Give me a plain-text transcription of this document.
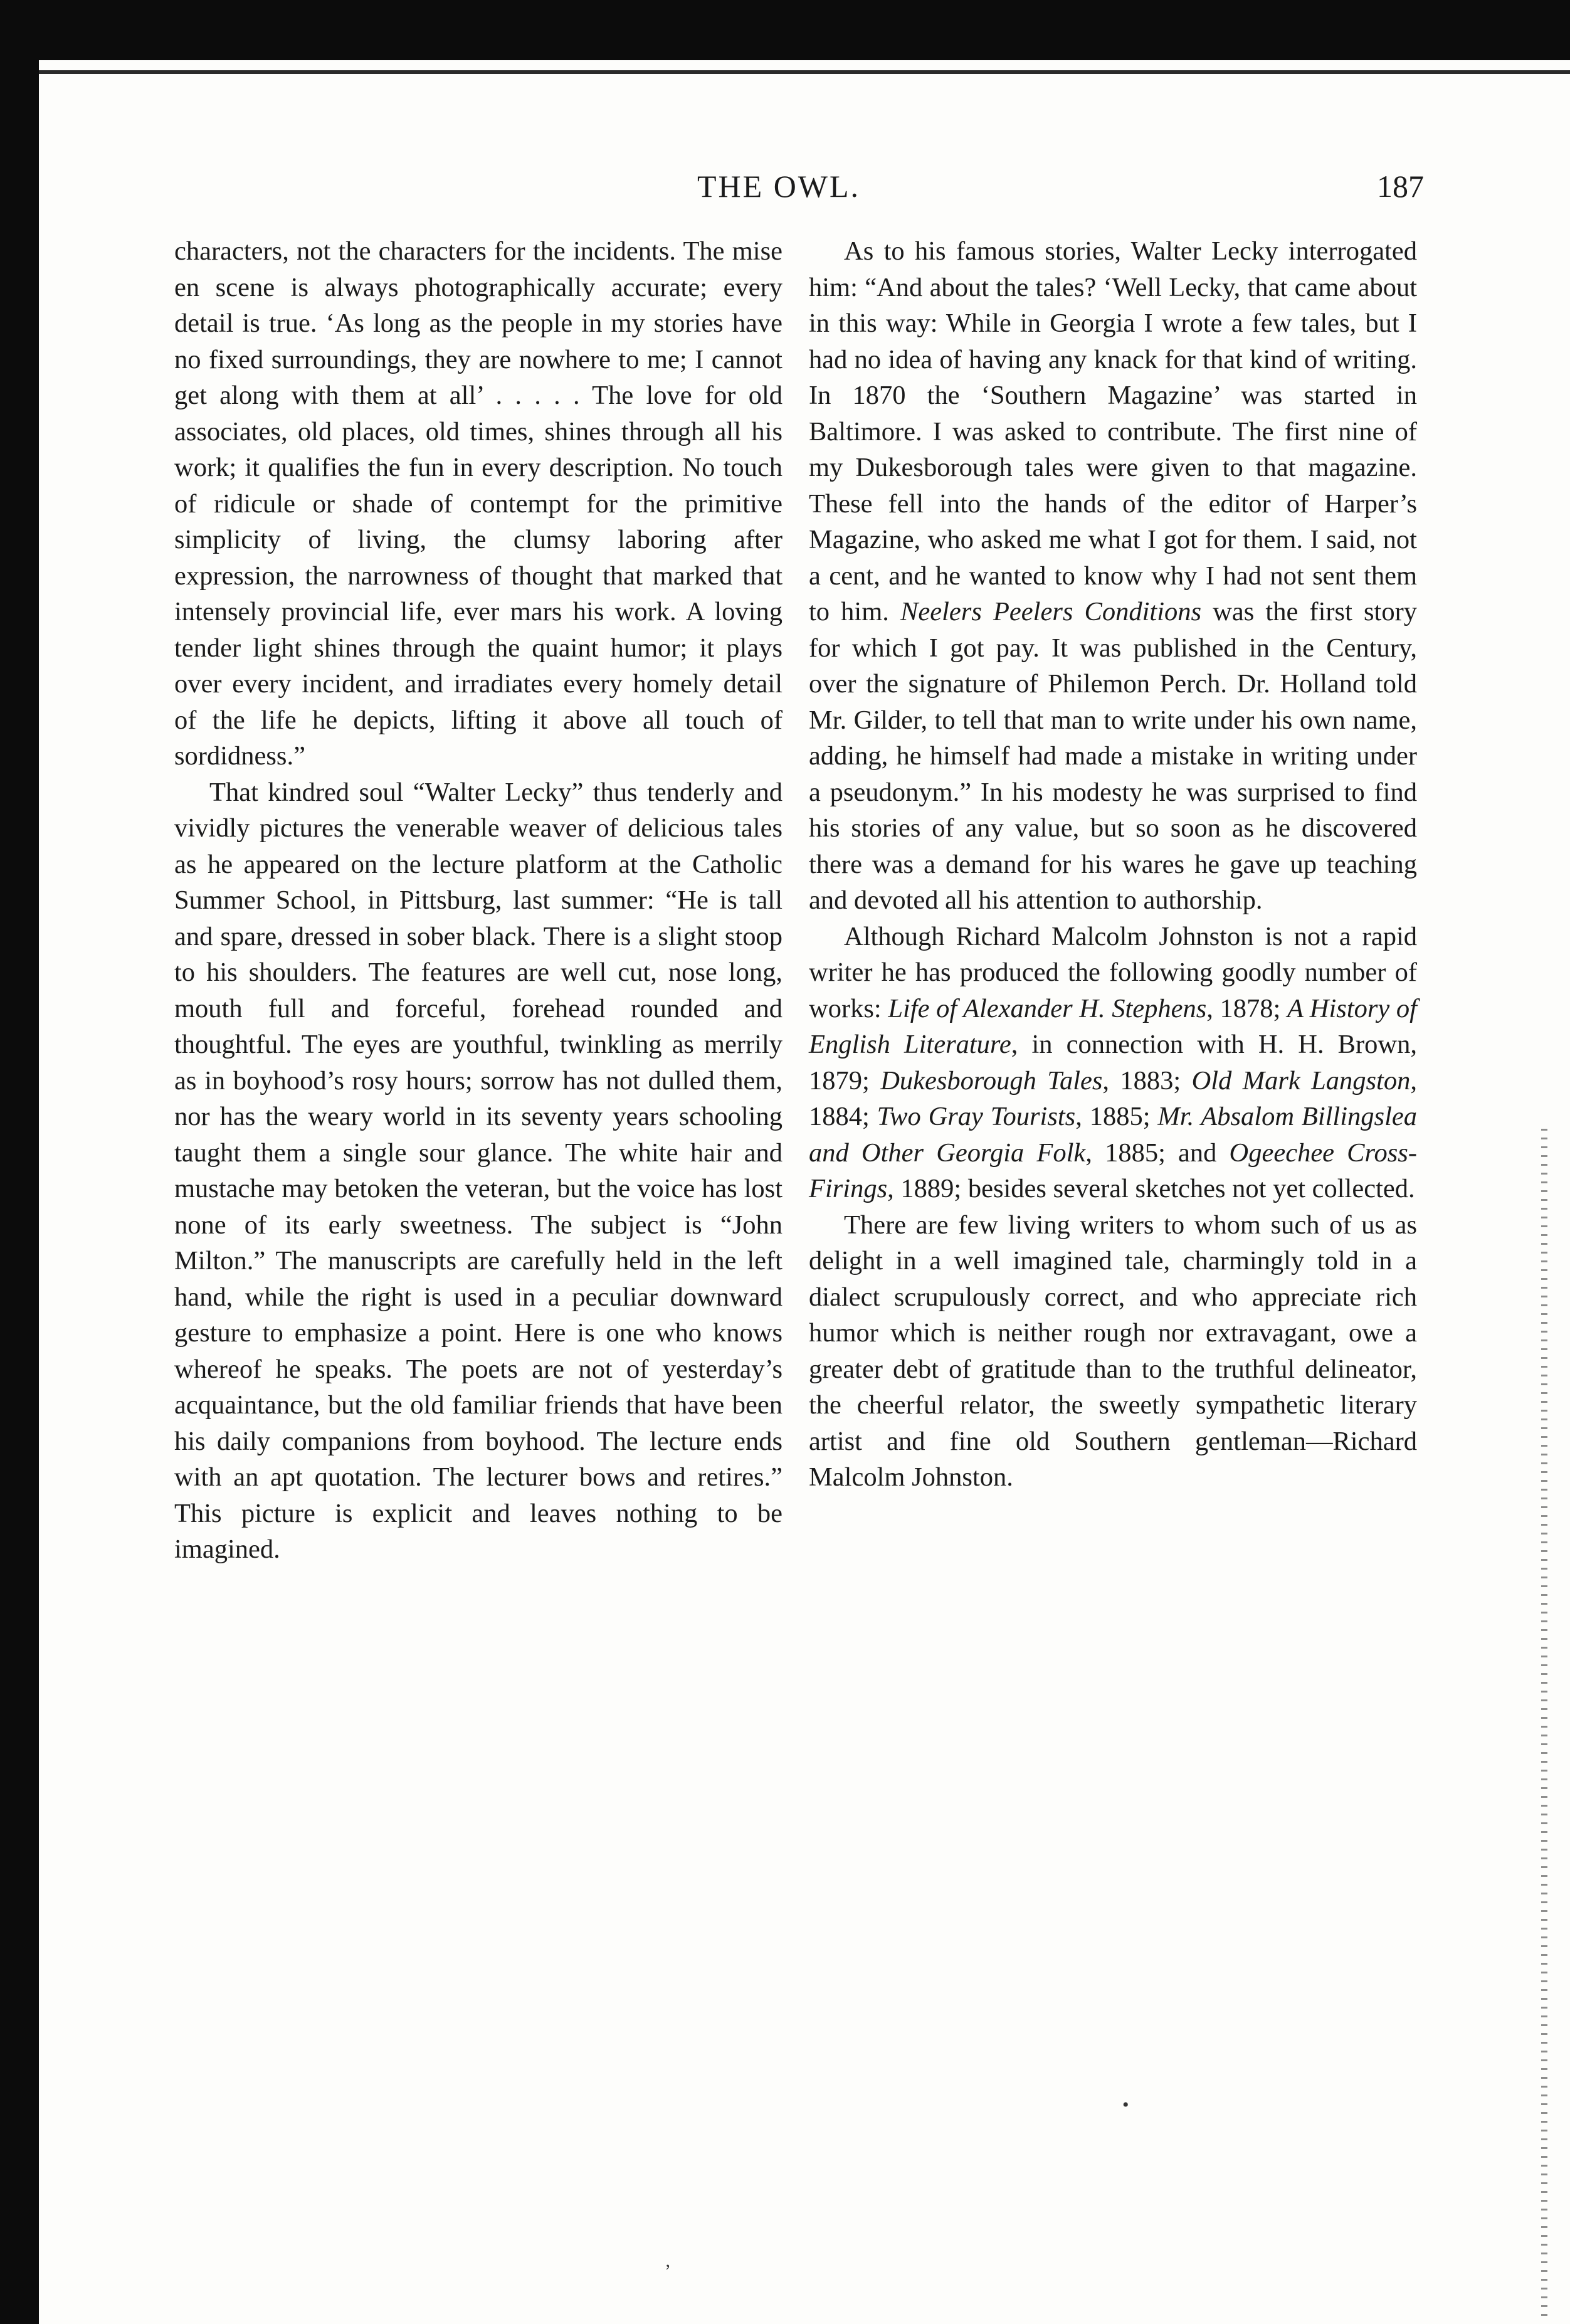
THE OWL.	187

characters, not the characters for the incidents. The mise en scene is always photographically accurate; every detail is true. ‘As long as the people in my stories have no fixed surroundings, they are nowhere to me; I cannot get along with them at all’ . . . . . The love for old associates, old places, old times, shines through all his work; it qualifies the fun in every description. No touch of ridicule or shade of contempt for the primitive simplicity of living, the clumsy laboring after expression, the narrowness of thought that marked that intensely provincial life, ever mars his work. A loving tender light shines through the quaint humor; it plays over every incident, and irradiates every homely detail of the life he depicts, lifting it above all touch of sordidness.”

That kindred soul “Walter Lecky” thus tenderly and vividly pictures the venerable weaver of delicious tales as he appeared on the lecture platform at the Catholic Summer School, in Pittsburg, last summer: “He is tall and spare, dressed in sober black. There is a slight stoop to his shoulders. The features are well cut, nose long, mouth full and forceful, forehead rounded and thoughtful. The eyes are youthful, twinkling as merrily as in boyhood’s rosy hours; sorrow has not dulled them, nor has the weary world in its seventy years schooling taught them a single sour glance. The white hair and mustache may betoken the veteran, but the voice has lost none of its early sweetness. The subject is “John Milton.” The manuscripts are carefully held in the left hand, while the right is used in a peculiar downward gesture to emphasize a point. Here is one who knows whereof he speaks. The poets are not of yesterday’s acquaintance, but the old familiar friends that have been his daily companions from boyhood. The lecture ends with an apt quotation. The lecturer bows and retires.” This picture is explicit and leaves nothing to be imagined.

As to his famous stories, Walter Lecky interrogated him: “And about the tales? ‘Well Lecky, that came about in this way: While in Georgia I wrote a few tales, but I had no idea of having any knack for that kind of writing. In 1870 the ‘Southern Magazine’ was started in Baltimore. I was asked to contribute. The first nine of my Dukesborough tales were given to that magazine. These fell into the hands of the editor of Harper’s Magazine, who asked me what I got for them. I said, not a cent, and he wanted to know why I had not sent them to him. Neelers Peelers Conditions was the first story for which I got pay. It was published in the Century, over the signature of Philemon Perch. Dr. Holland told Mr. Gilder, to tell that man to write under his own name, adding, he himself had made a mistake in writing under a pseudonym.” In his modesty he was surprised to find his stories of any value, but so soon as he discovered there was a demand for his wares he gave up teaching and devoted all his attention to authorship.

Although Richard Malcolm Johnston is not a rapid writer he has produced the following goodly number of works: Life of Alexander H. Stephens, 1878; A History of English Literature, in connection with H. H. Brown, 1879; Dukesborough Tales, 1883; Old Mark Langston, 1884; Two Gray Tourists, 1885; Mr. Absalom Billingslea and Other Georgia Folk, 1885; and Ogeechee Cross-Firings, 1889; besides several sketches not yet collected.

There are few living writers to whom such of us as delight in a well imagined tale, charmingly told in a dialect scrupulously correct, and who appreciate rich humor which is neither rough nor extravagant, owe a greater debt of gratitude than to the truthful delineator, the cheerful relator, the sweetly sympathetic literary artist and fine old Southern gentleman—Richard Malcolm Johnston.

•
’
